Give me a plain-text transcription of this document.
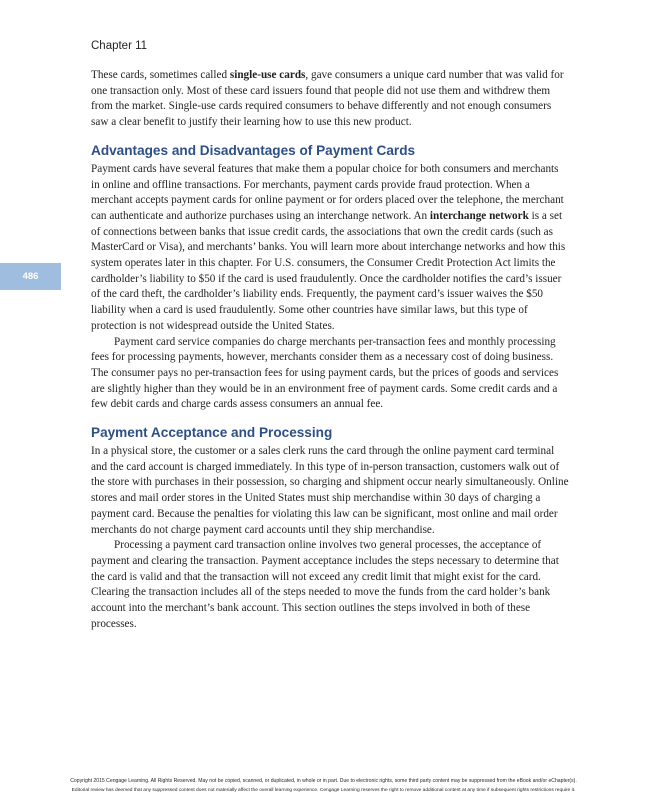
Chapter 11
486

These cards, sometimes called single-use cards, gave consumers a unique card number that was valid for one transaction only. Most of these card issuers found that people did not use them and withdrew them from the market. Single-use cards required consumers to behave differently and not enough consumers saw a clear benefit to justify their learning how to use this new product.

Advantages and Disadvantages of Payment Cards

Payment cards have several features that make them a popular choice for both consumers and merchants in online and offline transactions. For merchants, payment cards provide fraud protection. When a merchant accepts payment cards for online payment or for orders placed over the telephone, the merchant can authenticate and authorize purchases using an interchange network. An interchange network is a set of connections between banks that issue credit cards, the associations that own the credit cards (such as MasterCard or Visa), and merchants’ banks. You will learn more about interchange networks and how this system operates later in this chapter. For U.S. consumers, the Consumer Credit Protection Act limits the cardholder’s liability to $50 if the card is used fraudulently. Once the cardholder notifies the card’s issuer of the card theft, the cardholder’s liability ends. Frequently, the payment card’s issuer waives the $50 liability when a card is used fraudulently. Some other countries have similar laws, but this type of protection is not widespread outside the United States.

Payment card service companies do charge merchants per-transaction fees and monthly processing fees for processing payments, however, merchants consider them as a necessary cost of doing business. The consumer pays no per-transaction fees for using payment cards, but the prices of goods and services are slightly higher than they would be in an environment free of payment cards. Some credit cards and a few debit cards and charge cards assess consumers an annual fee.

Payment Acceptance and Processing

In a physical store, the customer or a sales clerk runs the card through the online payment card terminal and the card account is charged immediately. In this type of in-person transaction, customers walk out of the store with purchases in their possession, so charging and shipment occur nearly simultaneously. Online stores and mail order stores in the United States must ship merchandise within 30 days of charging a payment card. Because the penalties for violating this law can be significant, most online and mail order merchants do not charge payment card accounts until they ship merchandise.

Processing a payment card transaction online involves two general processes, the acceptance of payment and clearing the transaction. Payment acceptance includes the steps necessary to determine that the card is valid and that the transaction will not exceed any credit limit that might exist for the card. Clearing the transaction includes all of the steps needed to move the funds from the card holder’s bank account into the merchant’s bank account. This section outlines the steps involved in both of these processes.

Copyright 2015 Cengage Learning. All Rights Reserved. May not be copied, scanned, or duplicated, in whole or in part. Due to electronic rights, some third party content may be suppressed from the eBook and/or eChapter(s).
Editorial review has deemed that any suppressed content does not materially affect the overall learning experience. Cengage Learning reserves the right to remove additional content at any time if subsequent rights restrictions require it.
